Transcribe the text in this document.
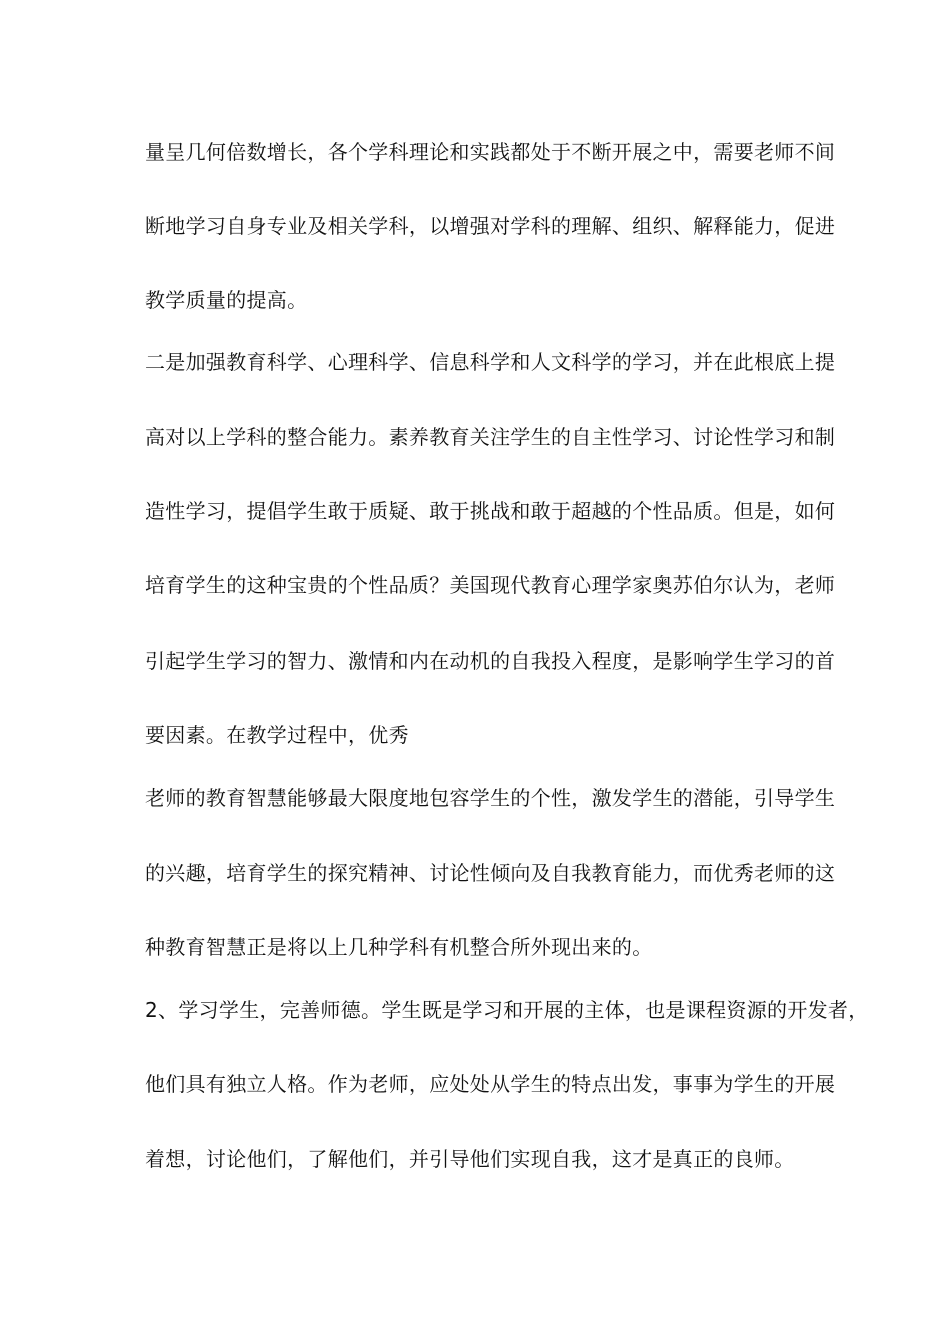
量呈几何倍数增长，各个学科理论和实践都处于不断开展之中，需要老师不间
断地学习自身专业及相关学科，以增强对学科的理解、组织、解释能力，促进
教学质量的提高。
二是加强教育科学、心理科学、信息科学和人文科学的学习，并在此根底上提
高对以上学科的整合能力。素养教育关注学生的自主性学习、讨论性学习和制
造性学习，提倡学生敢于质疑、敢于挑战和敢于超越的个性品质。但是，如何
培育学生的这种宝贵的个性品质？美国现代教育心理学家奥苏伯尔认为，老师
引起学生学习的智力、激情和内在动机的自我投入程度，是影响学生学习的首
要因素。在教学过程中，优秀
老师的教育智慧能够最大限度地包容学生的个性，激发学生的潜能，引导学生
的兴趣，培育学生的探究精神、讨论性倾向及自我教育能力，而优秀老师的这
种教育智慧正是将以上几种学科有机整合所外现出来的。
2、学习学生，完善师德。学生既是学习和开展的主体，也是课程资源的开发者，
他们具有独立人格。作为老师，应处处从学生的特点出发，事事为学生的开展
着想，讨论他们，了解他们，并引导他们实现自我，这才是真正的良师。
